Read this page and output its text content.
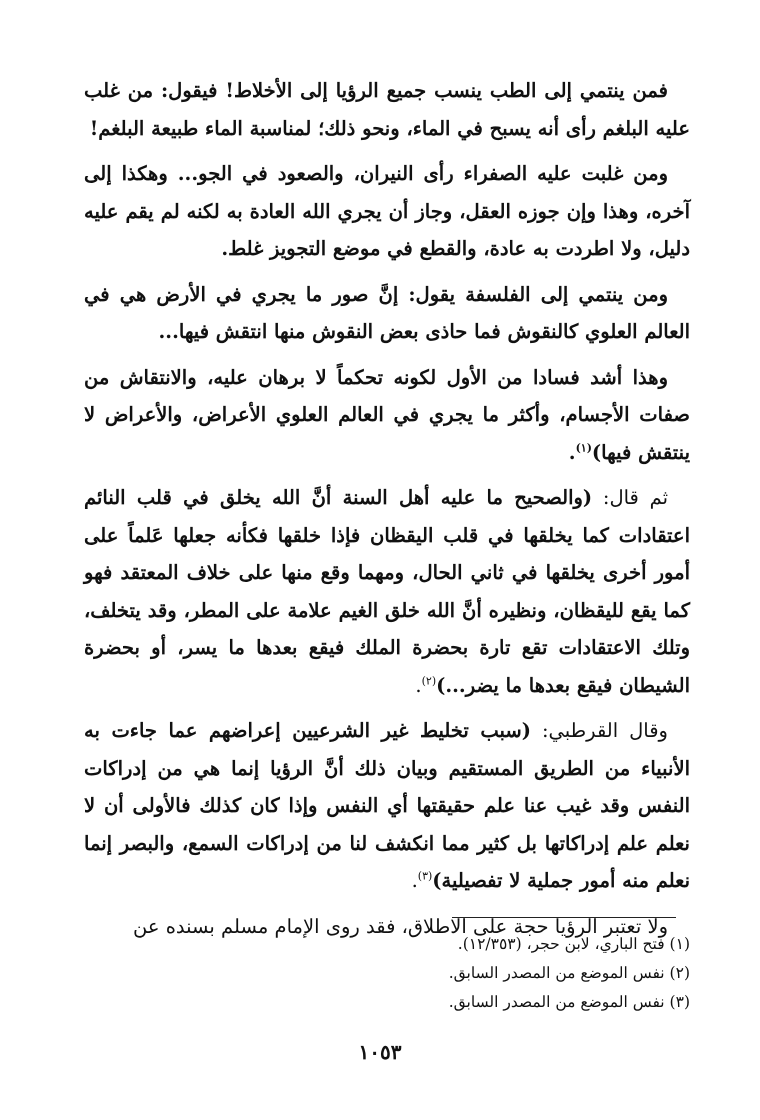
فمن ينتمي إلى الطب ينسب جميع الرؤيا إلى الأخلاط! فيقول: من غلب عليه البلغم رأى أنه يسبح في الماء، ونحو ذلك؛ لمناسبة الماء طبيعة البلغم!

ومن غلبت عليه الصفراء رأى النيران، والصعود في الجو... وهكذا إلى آخره، وهذا وإن جوزه العقل، وجاز أن يجري الله العادة به لكنه لم يقم عليه دليل، ولا اطردت به عادة، والقطع في موضع التجويز غلط.

ومن ينتمي إلى الفلسفة يقول: إنَّ صور ما يجري في الأرض هي في العالم العلوي كالنقوش فما حاذى بعض النقوش منها انتقش فيها...

وهذا أشد فسادا من الأول لكونه تحكماً لا برهان عليه، والانتقاش من صفات الأجسام، وأكثر ما يجري في العالم العلوي الأعراض، والأعراض لا ينتقش فيها)$^{(١)}$.

ثم قال: (والصحيح ما عليه أهل السنة أنَّ الله يخلق في قلب النائم اعتقادات كما يخلقها في قلب اليقظان فإذا خلقها فكأنه جعلها عَلماً على أمور أخرى يخلقها في ثاني الحال، ومهما وقع منها على خلاف المعتقد فهو كما يقع لليقظان، ونظيره أنَّ الله خلق الغيم علامة على المطر، وقد يتخلف، وتلك الاعتقادات تقع تارة بحضرة الملك فيقع بعدها ما يسر، أو بحضرة الشيطان فيقع بعدها ما يضر...)$^{(٢)}$.

وقال القرطبي: (سبب تخليط غير الشرعيين إعراضهم عما جاءت به الأنبياء من الطريق المستقيم وبيان ذلك أنَّ الرؤيا إنما هي من إدراكات النفس وقد غيب عنا علم حقيقتها أي النفس وإذا كان كذلك فالأولى أن لا نعلم علم إدراكاتها بل كثير مما انكشف لنا من إدراكات السمع، والبصر إنما نعلم منه أمور جملية لا تفصيلية)$^{(٣)}$.

ولا تعتبر الرؤيا حجة على الاطلاق، فقد روى الإمام مسلم بسنده عن

(١) فتح الباري، لابن حجر، (١٢/٣٥٣).

(٢) نفس الموضع من المصدر السابق.

(٣) نفس الموضع من المصدر السابق.

١٠٥٣
